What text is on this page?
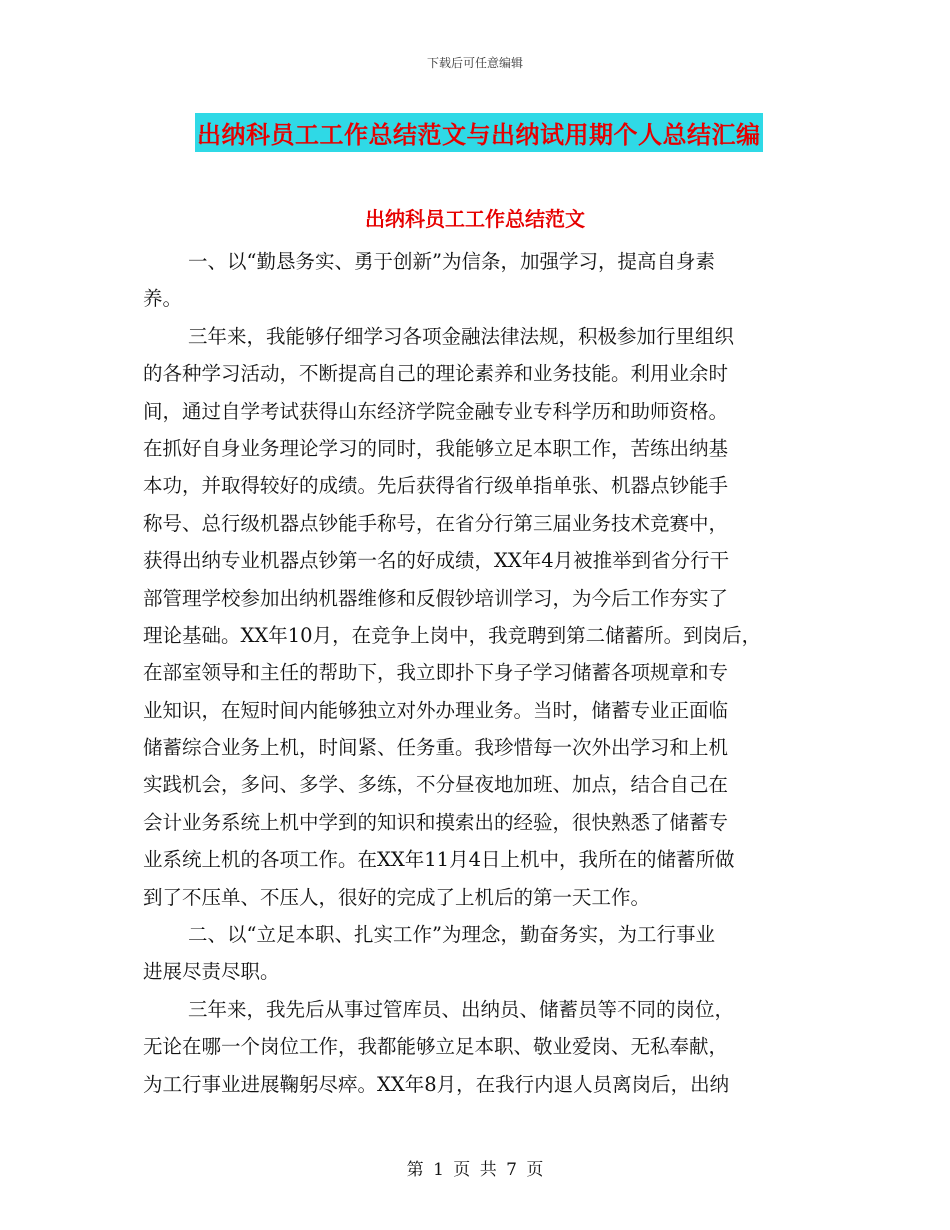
下载后可任意编辑
出纳科员工工作总结范文与出纳试用期个人总结汇编
出纳科员工工作总结范文
一、以“勤恳务实、勇于创新”为信条，加强学习，提高自身素
养。
三年来，我能够仔细学习各项金融法律法规，积极参加行里组织
的各种学习活动，不断提高自己的理论素养和业务技能。利用业余时
间，通过自学考试获得山东经济学院金融专业专科学历和助师资格。
在抓好自身业务理论学习的同时，我能够立足本职工作，苦练出纳基
本功，并取得较好的成绩。先后获得省行级单指单张、机器点钞能手
称号、总行级机器点钞能手称号，在省分行第三届业务技术竞赛中，
获得出纳专业机器点钞第一名的好成绩，XX年4月被推举到省分行干
部管理学校参加出纳机器维修和反假钞培训学习，为今后工作夯实了
理论基础。XX年10月，在竞争上岗中，我竞聘到第二储蓄所。到岗后，
在部室领导和主任的帮助下，我立即扑下身子学习储蓄各项规章和专
业知识，在短时间内能够独立对外办理业务。当时，储蓄专业正面临
储蓄综合业务上机，时间紧、任务重。我珍惜每一次外出学习和上机
实践机会，多问、多学、多练，不分昼夜地加班、加点，结合自己在
会计业务系统上机中学到的知识和摸索出的经验，很快熟悉了储蓄专
业系统上机的各项工作。在XX年11月4日上机中，我所在的储蓄所做
到了不压单、不压人，很好的完成了上机后的第一天工作。
二、以“立足本职、扎实工作”为理念，勤奋务实，为工行事业
进展尽责尽职。
三年来，我先后从事过管库员、出纳员、储蓄员等不同的岗位，
无论在哪一个岗位工作，我都能够立足本职、敬业爱岗、无私奉献，
为工行事业进展鞠躬尽瘁。XX年8月，在我行内退人员离岗后，出纳
第 1 页 共 7 页
